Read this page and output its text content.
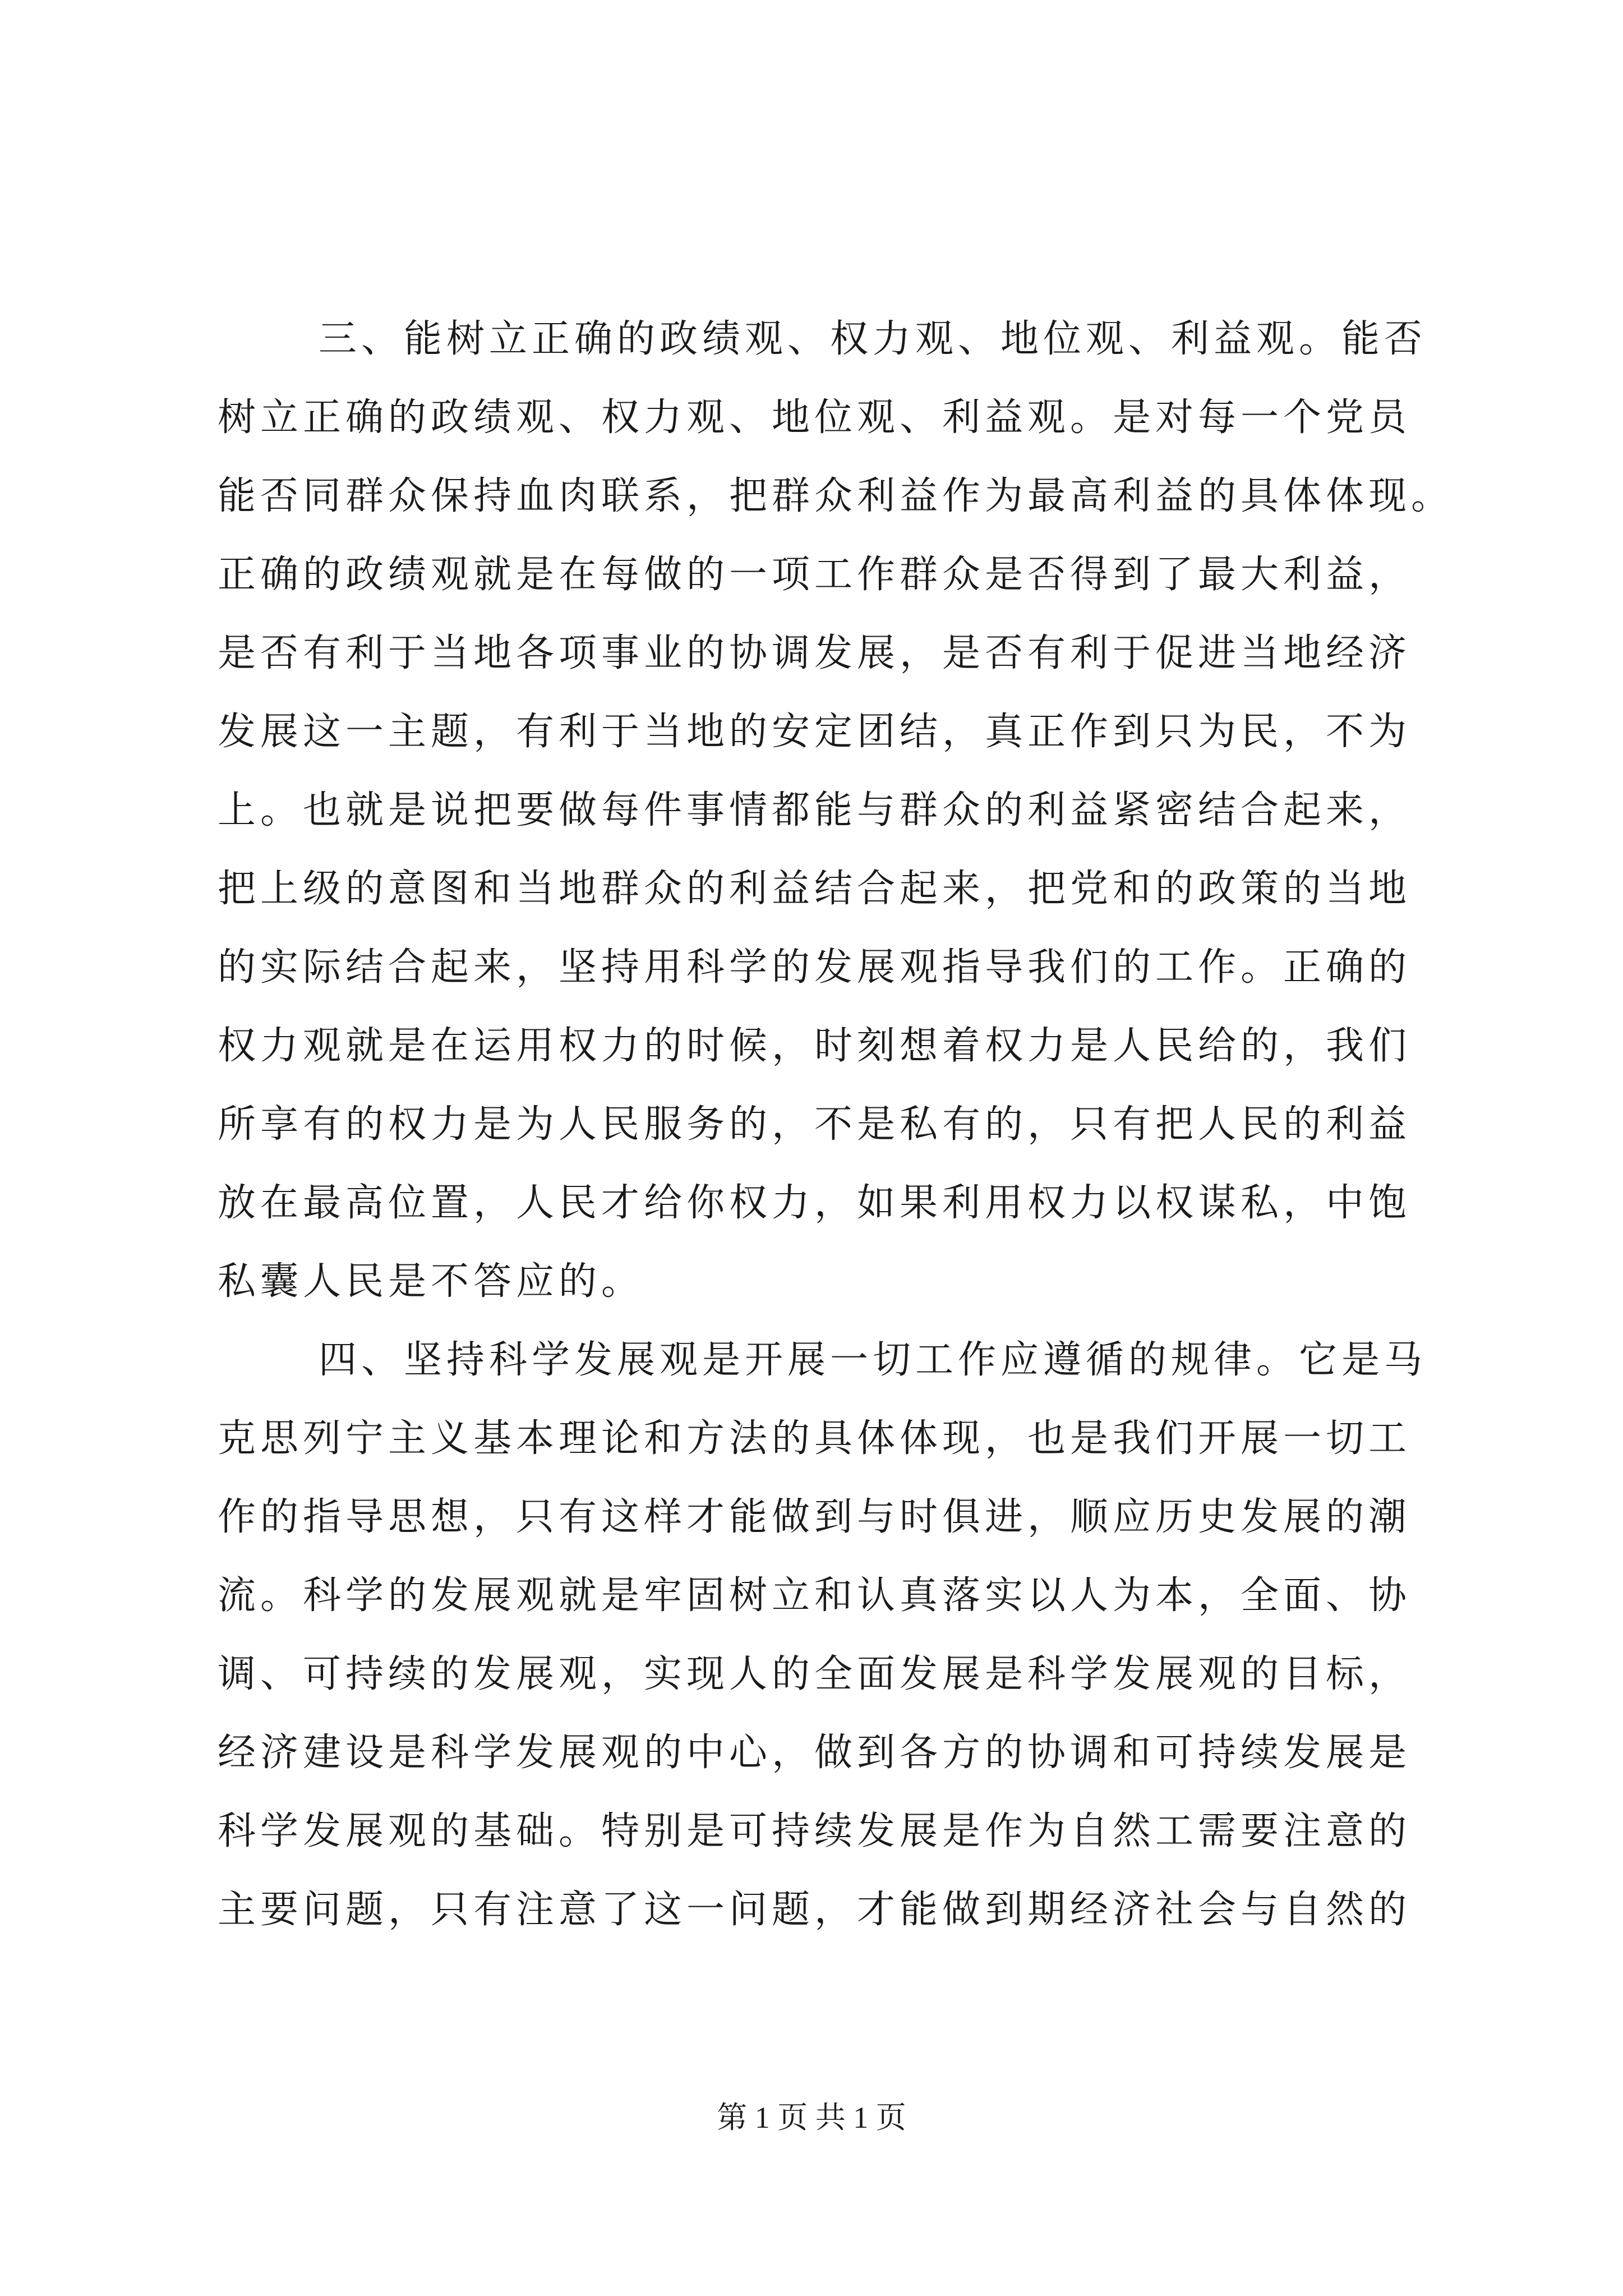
三、能树立正确的政绩观、权力观、地位观、利益观。能否
树立正确的政绩观、权力观、地位观、利益观。是对每一个党员
能否同群众保持血肉联系，把群众利益作为最高利益的具体体现。
正确的政绩观就是在每做的一项工作群众是否得到了最大利益，
是否有利于当地各项事业的协调发展，是否有利于促进当地经济
发展这一主题，有利于当地的安定团结，真正作到只为民，不为
上。也就是说把要做每件事情都能与群众的利益紧密结合起来，
把上级的意图和当地群众的利益结合起来，把党和的政策的当地
的实际结合起来，坚持用科学的发展观指导我们的工作。正确的
权力观就是在运用权力的时候，时刻想着权力是人民给的，我们
所享有的权力是为人民服务的，不是私有的，只有把人民的利益
放在最高位置，人民才给你权力，如果利用权力以权谋私，中饱
私囊人民是不答应的。
四、坚持科学发展观是开展一切工作应遵循的规律。它是马
克思列宁主义基本理论和方法的具体体现，也是我们开展一切工
作的指导思想，只有这样才能做到与时俱进，顺应历史发展的潮
流。科学的发展观就是牢固树立和认真落实以人为本，全面、协
调、可持续的发展观，实现人的全面发展是科学发展观的目标，
经济建设是科学发展观的中心，做到各方的协调和可持续发展是
科学发展观的基础。特别是可持续发展是作为自然工需要注意的
主要问题，只有注意了这一问题，才能做到期经济社会与自然的
第 1 页 共 1 页
